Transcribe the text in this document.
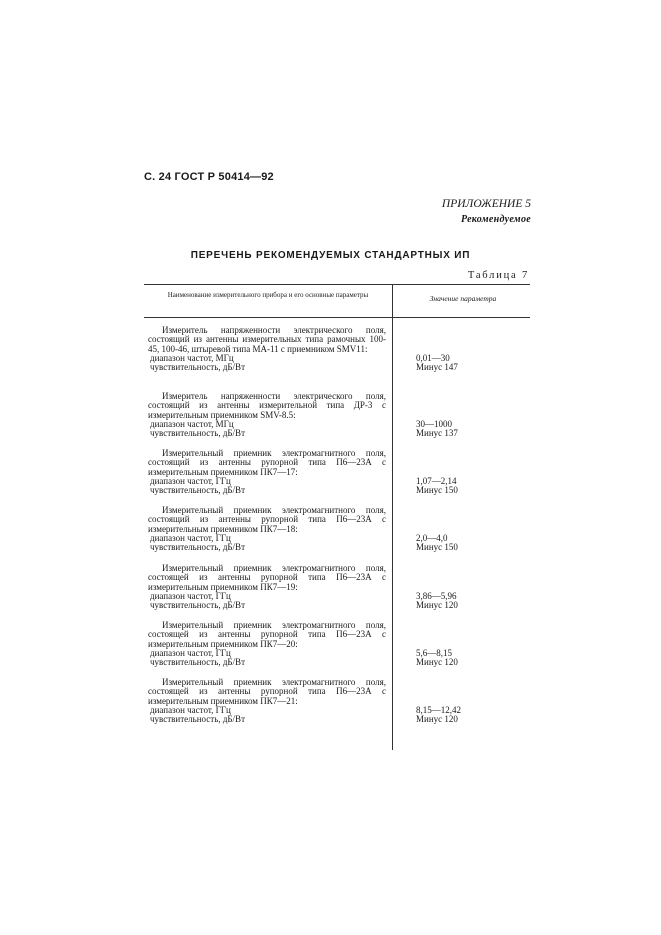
С. 24 ГОСТ Р 50414—92
ПРИЛОЖЕНИЕ 5
Рекомендуемое
ПЕРЕЧЕНЬ РЕКОМЕНДУЕМЫХ СТАНДАРТНЫХ ИП
Таблица 7
Наименование измерительного прибора и его основные параметры	Значение параметра
Измеритель напряженности электрического поля, состоящий из антенны измерительных типа рамочных 100-45, 100-46, штыревой типа МА-11 с приемником SMV11:
диапазон частот, МГц	0,01—30
чувствительность, дБ/Вт	Минус 147
Измеритель напряженности электрического поля, состоящий из антенны измерительной типа ДР-3 с измерительным приемником SMV-8.5:
диапазон частот, МГц	30—1000
чувствительность, дБ/Вт	Минус 137
Измерительный приемник электромагнитного поля, состоящий из антенны рупорной типа П6—23А с измерительным приемником ПК7—17:
диапазон частот, ГГц	1,07—2,14
чувствительность, дБ/Вт	Минус 150
Измерительный приемник электромагнитного поля, состоящий из антенны рупорной типа П6—23А с измерительным приемником ПК7—18:
диапазон частот, ГГц	2,0—4,0
чувствительность, дБ/Вт	Минус 150
Измерительный приемник электромагнитного поля, состоящей из антенны рупорной типа П6—23А с измерительным приемником ПК7—19:
диапазон частот, ГГц	3,86—5,96
чувствительность, дБ/Вт	Минус 120
Измерительный приемник электромагнитного поля, состоящей из антенны рупорной типа П6—23А с измерительным приемником ПК7—20:
диапазон частот, ГГц	5,6—8,15
чувствительность, дБ/Вт	Минус 120
Измерительный приемник электромагнитного поля, состоящей из антенны рупорной типа П6—23А с измерительным приемником ПК7—21:
диапазон частот, ГГц	8,15—12,42
чувствительность, дБ/Вт	Минус 120
